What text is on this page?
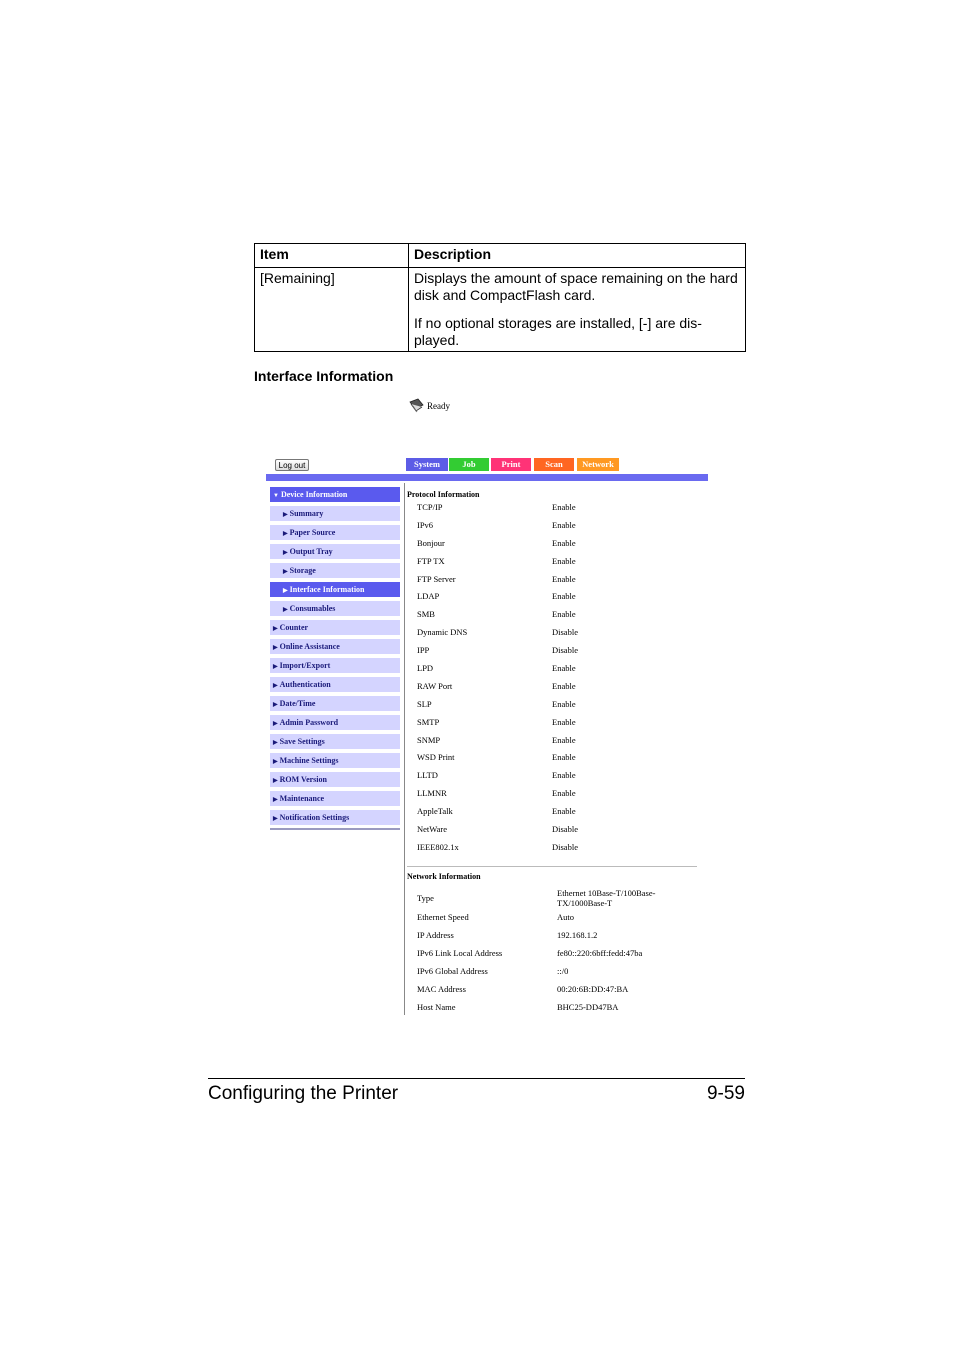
Item	Description
[Remaining]	Displays the amount of space remaining on the hard disk and CompactFlash card.

If no optional storages are installed, [-] are dis-played.

Interface Information
Ready
Log out	System	Job	Print	Scan	Network
▼ Device Information
▶ Summary
▶ Paper Source
▶ Output Tray
▶ Storage
▶ Interface Information
▶ Consumables
▶ Counter
▶ Online Assistance
▶ Import/Export
▶ Authentication
▶ Date/Time
▶ Admin Password
▶ Save Settings
▶ Machine Settings
▶ ROM Version
▶ Maintenance
▶ Notification Settings
Protocol Information
TCP/IP	Enable
IPv6	Enable
Bonjour	Enable
FTP TX	Enable
FTP Server	Enable
LDAP	Enable
SMB	Enable
Dynamic DNS	Disable
IPP	Disable
LPD	Enable
RAW Port	Enable
SLP	Enable
SMTP	Enable
SNMP	Enable
WSD Print	Enable
LLTD	Enable
LLMNR	Enable
AppleTalk	Enable
NetWare	Disable
IEEE802.1x	Disable
Network Information
Type	Ethernet 10Base-T/100Base-TX/1000Base-T
Ethernet Speed	Auto
IP Address	192.168.1.2
IPv6 Link Local Address	fe80::220:6bff:fedd:47ba
IPv6 Global Address	::/0
MAC Address	00:20:6B:DD:47:BA
Host Name	BHC25-DD47BA
Configuring the Printer	9-59
